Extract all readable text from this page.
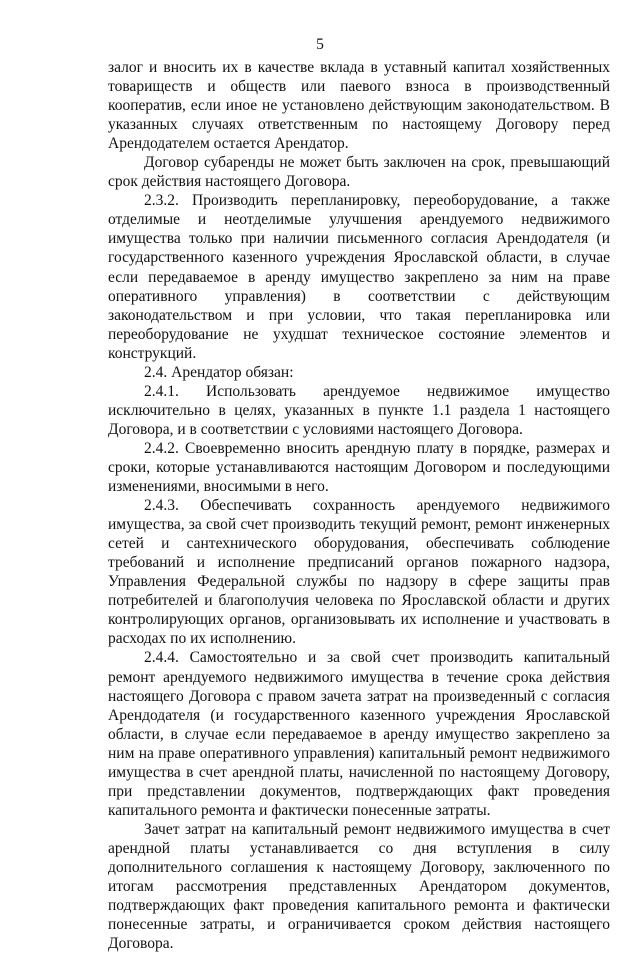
5

залог и вносить их в качестве вклада в уставный капитал хозяйственных товариществ и обществ или паевого взноса в производственный кооператив, если иное не установлено действующим законодательством. В указанных случаях ответственным по настоящему Договору перед Арендодателем остается Арендатор.

Договор субаренды не может быть заключен на срок, превышающий срок действия настоящего Договора.

2.3.2. Производить перепланировку, переоборудование, а также отделимые и неотделимые улучшения арендуемого недвижимого имущества только при наличии письменного согласия Арендодателя (и государственного казенного учреждения Ярославской области, в случае если передаваемое в аренду имущество закреплено за ним на праве оперативного управления) в соответствии с действующим законодательством и при условии, что такая перепланировка или переоборудование не ухудшат техническое состояние элементов и конструкций.

2.4. Арендатор обязан:

2.4.1. Использовать арендуемое недвижимое имущество исключительно в целях, указанных в пункте 1.1 раздела 1 настоящего Договора, и в соответствии с условиями настоящего Договора.

2.4.2. Своевременно вносить арендную плату в порядке, размерах и сроки, которые устанавливаются настоящим Договором и последующими изменениями, вносимыми в него.

2.4.3. Обеспечивать сохранность арендуемого недвижимого имущества, за свой счет производить текущий ремонт, ремонт инженерных сетей и сантехнического оборудования, обеспечивать соблюдение требований и исполнение предписаний органов пожарного надзора, Управления Федеральной службы по надзору в сфере защиты прав потребителей и благополучия человека по Ярославской области и других контролирующих органов, организовывать их исполнение и участвовать в расходах по их исполнению.

2.4.4. Самостоятельно и за свой счет производить капитальный ремонт арендуемого недвижимого имущества в течение срока действия настоящего Договора с правом зачета затрат на произведенный с согласия Арендодателя (и государственного казенного учреждения Ярославской области, в случае если передаваемое в аренду имущество закреплено за ним на праве оперативного управления) капитальный ремонт недвижимого имущества в счет арендной платы, начисленной по настоящему Договору, при представлении документов, подтверждающих факт проведения капитального ремонта и фактически понесенные затраты.

Зачет затрат на капитальный ремонт недвижимого имущества в счет арендной платы устанавливается со дня вступления в силу дополнительного соглашения к настоящему Договору, заключенного по итогам рассмотрения представленных Арендатором документов, подтверждающих факт проведения капитального ремонта и фактически понесенные затраты, и ограничивается сроком действия настоящего Договора.
